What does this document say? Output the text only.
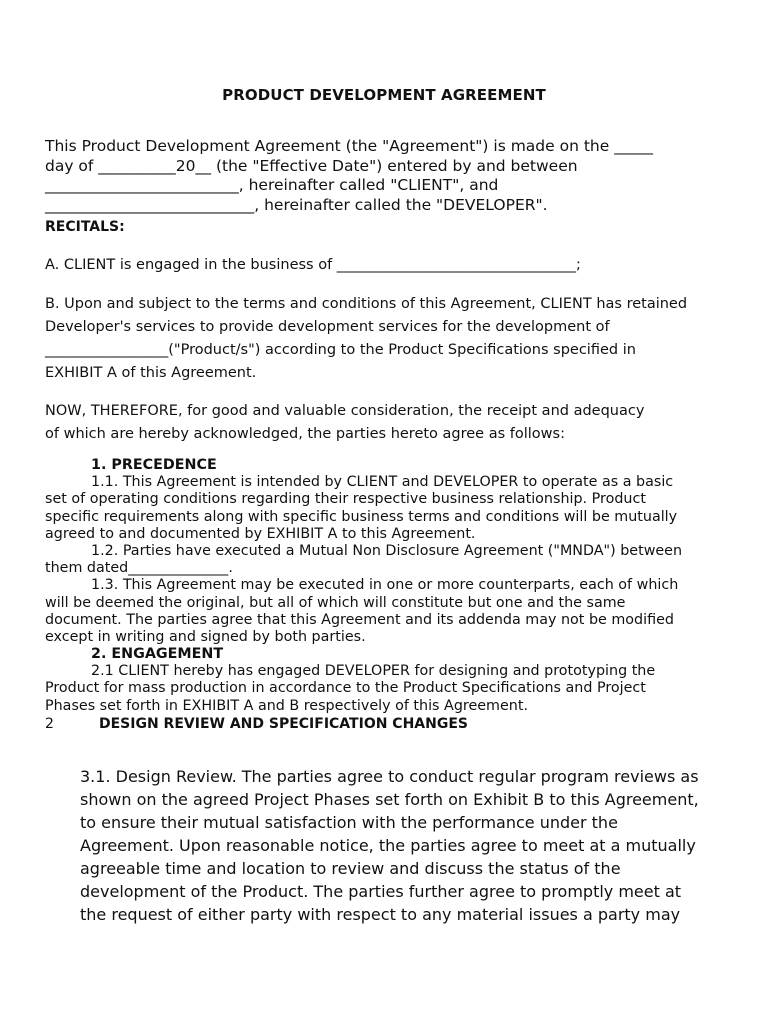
PRODUCT DEVELOPMENT AGREEMENT
This Product Development Agreement (the "Agreement") is made on the _____
day of __________20__ (the "Effective Date") entered by and between
_________________________, hereinafter called "CLIENT", and
___________________________, hereinafter called the "DEVELOPER".
RECITALS:
A. CLIENT is engaged in the business of _________________________________;
B. Upon and subject to the terms and conditions of this Agreement, CLIENT has retained
Developer's services to provide development services for the development of
_________________("Product/s") according to the Product Specifications specified in
EXHIBIT A of this Agreement.
NOW, THEREFORE, for good and valuable consideration, the receipt and adequacy
of which are hereby acknowledged, the parties hereto agree as follows:
1. PRECEDENCE
1.1. This Agreement is intended by CLIENT and DEVELOPER to operate as a basic
set of operating conditions regarding their respective business relationship. Product
specific requirements along with specific business terms and conditions will be mutually
agreed to and documented by EXHIBIT A to this Agreement.
1.2. Parties have executed a Mutual Non Disclosure Agreement ("MNDA") between
them dated______________.
1.3. This Agreement may be executed in one or more counterparts, each of which
will be deemed the original, but all of which will constitute but one and the same
document. The parties agree that this Agreement and its addenda may not be modified
except in writing and signed by both parties.
2. ENGAGEMENT
2.1 CLIENT hereby has engaged DEVELOPER for designing and prototyping the
Product for mass production in accordance to the Product Specifications and Project
Phases set forth in EXHIBIT A and B respectively of this Agreement.
2	DESIGN REVIEW AND SPECIFICATION CHANGES
3.1. Design Review. The parties agree to conduct regular program reviews as
shown on the agreed Project Phases set forth on Exhibit B to this Agreement,
to ensure their mutual satisfaction with the performance under the
Agreement. Upon reasonable notice, the parties agree to meet at a mutually
agreeable time and location to review and discuss the status of the
development of the Product. The parties further agree to promptly meet at
the request of either party with respect to any material issues a party may
